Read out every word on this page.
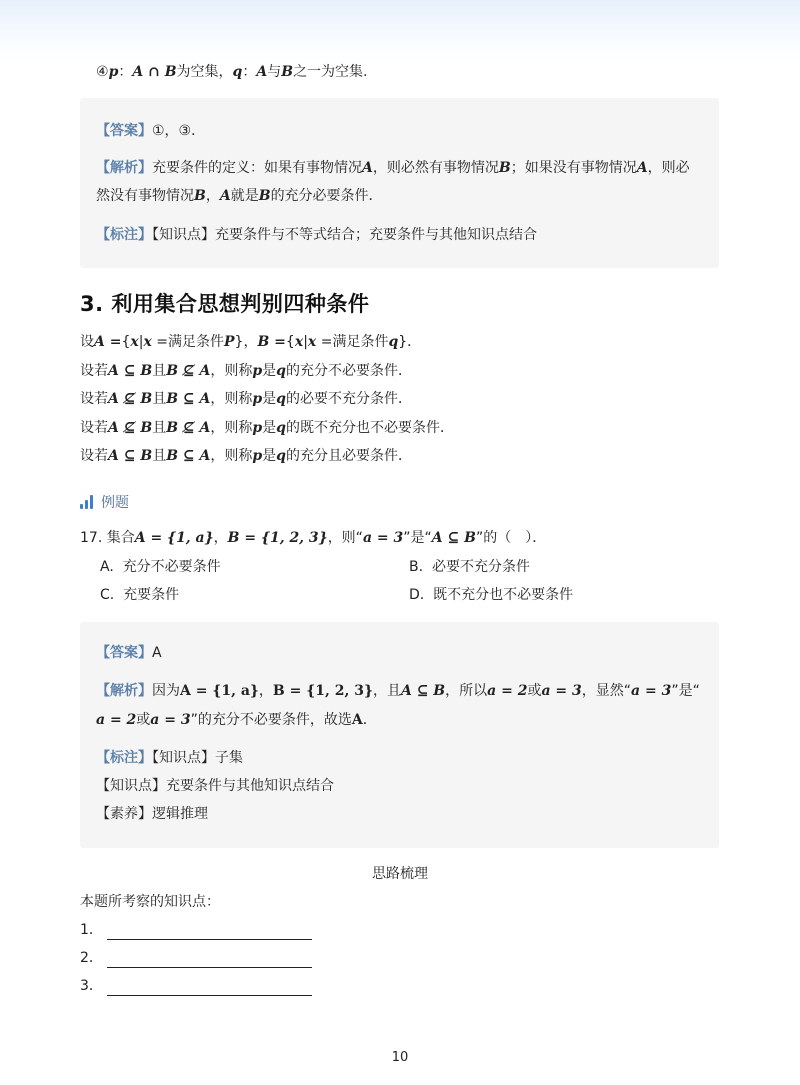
④p：A ∩ B为空集，q：A与B之一为空集.
【答案】①，③．
【解析】充要条件的定义：如果有事物情况A，则必然有事物情况B；如果没有事物情况A，则必
然没有事物情况B，A就是B的充分必要条件．
【标注】【知识点】充要条件与不等式结合；充要条件与其他知识点结合
3. 利用集合思想判别四种条件
设A ={x|x =满足条件P}，B ={x|x =满足条件q}．
设若A ⊆ B且B ⊈ A，则称p是q的充分不必要条件．
设若A ⊈ B且B ⊆ A，则称p是q的必要不充分条件．
设若A ⊈ B且B ⊈ A，则称p是q的既不充分也不必要条件．
设若A ⊆ B且B ⊆ A，则称p是q的充分且必要条件．
例题
17. 集合A = {1, a}，B = {1, 2, 3}，则“a = 3”是“A ⊆ B”的（　）．
A. 充分不必要条件	B. 必要不充分条件
C. 充要条件	D. 既不充分也不必要条件
【答案】A
【解析】因为A = {1, a}，B = {1, 2, 3}，且A ⊆ B，所以a = 2或a = 3，显然“a = 3”是“
a = 2或a = 3”的充分不必要条件，故选A．
【标注】【知识点】子集
【知识点】充要条件与其他知识点结合
【素养】逻辑推理
思路梳理
本题所考察的知识点：
1．
2．
3．
10
